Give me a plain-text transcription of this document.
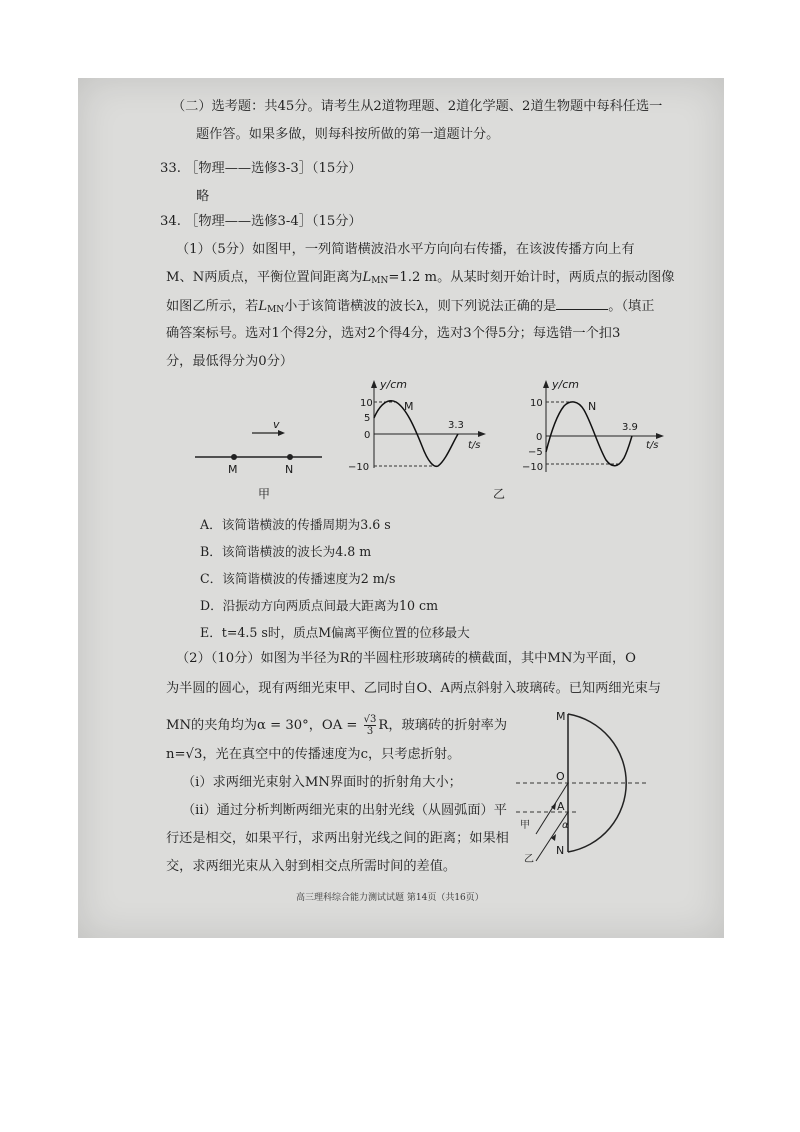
（二）选考题：共45分。请考生从2道物理题、2道化学题、2道生物题中每科任选一
题作答。如果多做，则每科按所做的第一道题计分。
33. ［物理——选修3-3］（15分）
略
34. ［物理——选修3-4］（15分）
（1）（5分）如图甲，一列简谐横波沿水平方向向右传播，在该波传播方向上有
M、N两质点，平衡位置间距离为$L_{MN}=1.2$ m。从某时刻开始计时，两质点的振动图像
如图乙所示，若$L_{MN}$小于该简谐横波的波长λ，则下列说法正确的是	。（填正
确答案标号。选对1个得2分，选对2个得4分，选对3个得5分；每选错一个扣3
分，最低得分为0分）
v
M	N
y/cm
10
5
0
−10
M
3.3
t/s
y/cm
10
0
−5
−10
N
3.9
t/s
甲	乙
A．该简谐横波的传播周期为3.6 s
B．该简谐横波的波长为4.8 m
C．该简谐横波的传播速度为2 m/s
D．沿振动方向两质点间最大距离为10 cm
E．t=4.5 s时，质点M偏离平衡位置的位移最大
（2）（10分）如图为半径为R的半圆柱形玻璃砖的横截面，其中MN为平面，O
为半圆的圆心，现有两细光束甲、乙同时自O、A两点斜射入玻璃砖。已知两细光束与
MN的夹角均为α = 30°，OA = $\frac{√3}{3}$ R，玻璃砖的折射率为
n=√3，光在真空中的传播速度为c，只考虑折射。
（i）求两细光束射入MN界面时的折射角大小；
（ii）通过分析判断两细光束的出射光线（从圆弧面）平
行还是相交，如果平行，求两出射光线之间的距离；如果相
交，求两细光束从入射到相交点所需时间的差值。
M
O
A
N
α
甲
乙
高三理科综合能力测试试题 第14页（共16页）
